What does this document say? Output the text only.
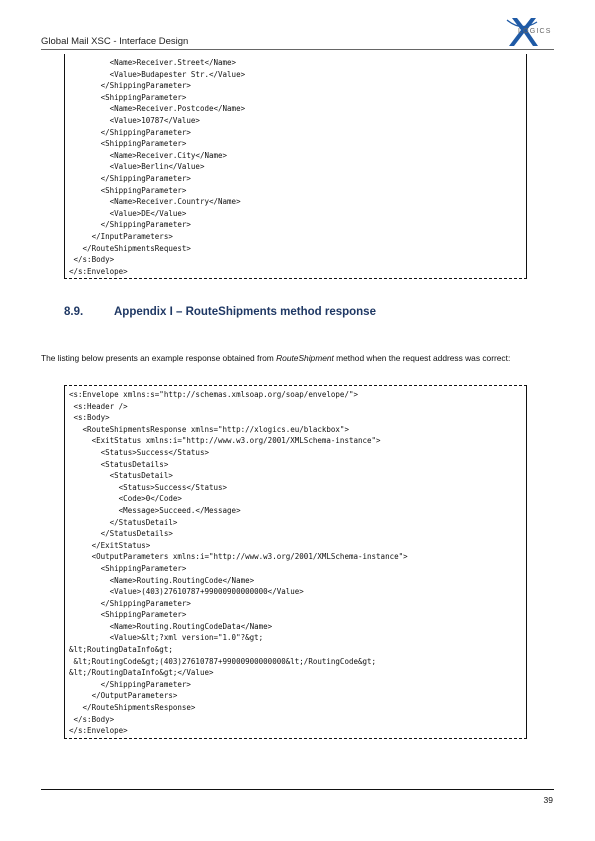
Global Mail XSC - Interface Design
LOGICS
<Name>Receiver.Street</Name>
<Value>Budapester Str.</Value>
</ShippingParameter>
<ShippingParameter>
<Name>Receiver.Postcode</Name>
<Value>10787</Value>
</ShippingParameter>
<ShippingParameter>
<Name>Receiver.City</Name>
<Value>Berlin</Value>
</ShippingParameter>
<ShippingParameter>
<Name>Receiver.Country</Name>
<Value>DE</Value>
</ShippingParameter>
</InputParameters>
</RouteShipmentsRequest>
</s:Body>
</s:Envelope>
8.9.	Appendix I – RouteShipments method response
The listing below presents an example response obtained from RouteShipment method when the request address was correct:
<s:Envelope xmlns:s="http://schemas.xmlsoap.org/soap/envelope/">
<s:Header />
<s:Body>
<RouteShipmentsResponse xmlns="http://xlogics.eu/blackbox">
<ExitStatus xmlns:i="http://www.w3.org/2001/XMLSchema-instance">
<Status>Success</Status>
<StatusDetails>
<StatusDetail>
<Status>Success</Status>
<Code>0</Code>
<Message>Succeed.</Message>
</StatusDetail>
</StatusDetails>
</ExitStatus>
<OutputParameters xmlns:i="http://www.w3.org/2001/XMLSchema-instance">
<ShippingParameter>
<Name>Routing.RoutingCode</Name>
<Value>(403)27610787+99000900000000</Value>
</ShippingParameter>
<ShippingParameter>
<Name>Routing.RoutingCodeData</Name>
<Value>&lt;?xml version="1.0"?&gt;
&lt;RoutingDataInfo&gt;
&lt;RoutingCode&gt;(403)27610787+99000900000000&lt;/RoutingCode&gt;
&lt;/RoutingDataInfo&gt;</Value>
</ShippingParameter>
</OutputParameters>
</RouteShipmentsResponse>
</s:Body>
</s:Envelope>
39
